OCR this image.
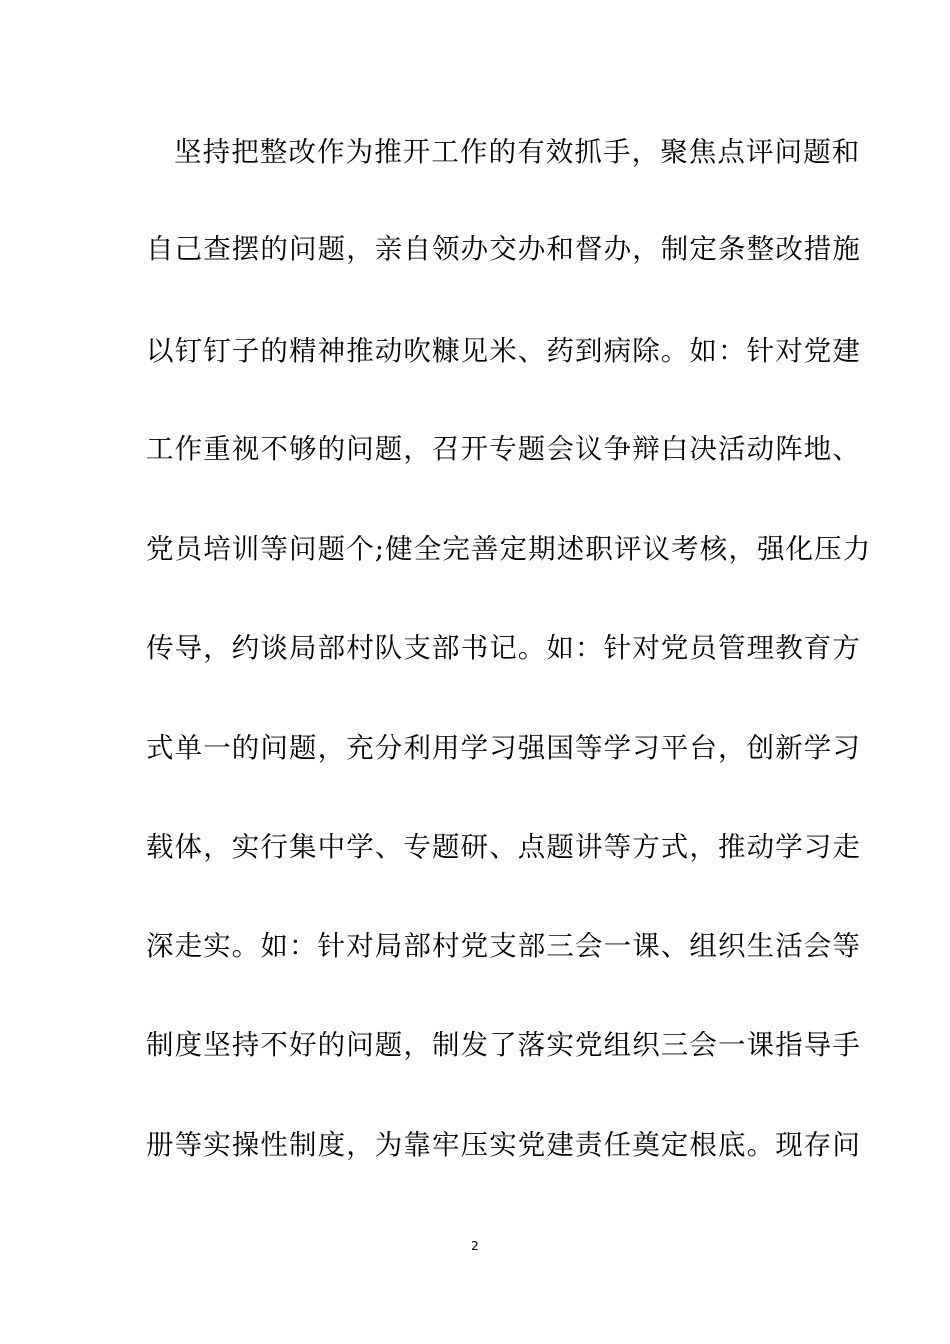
坚持把整改作为推开工作的有效抓手，聚焦点评问题和
自己查摆的问题，亲自领办交办和督办，制定条整改措施
以钉钉子的精神推动吹糠见米、药到病除。如：针对党建
工作重视不够的问题，召开专题会议争辩白决活动阵地、
党员培训等问题个;健全完善定期述职评议考核，强化压力
传导，约谈局部村队支部书记。如：针对党员管理教育方
式单一的问题，充分利用学习强国等学习平台，创新学习
载体，实行集中学、专题研、点题讲等方式，推动学习走
深走实。如：针对局部村党支部三会一课、组织生活会等
制度坚持不好的问题，制发了落实党组织三会一课指导手
册等实操性制度，为靠牢压实党建责任奠定根底。现存问
2
